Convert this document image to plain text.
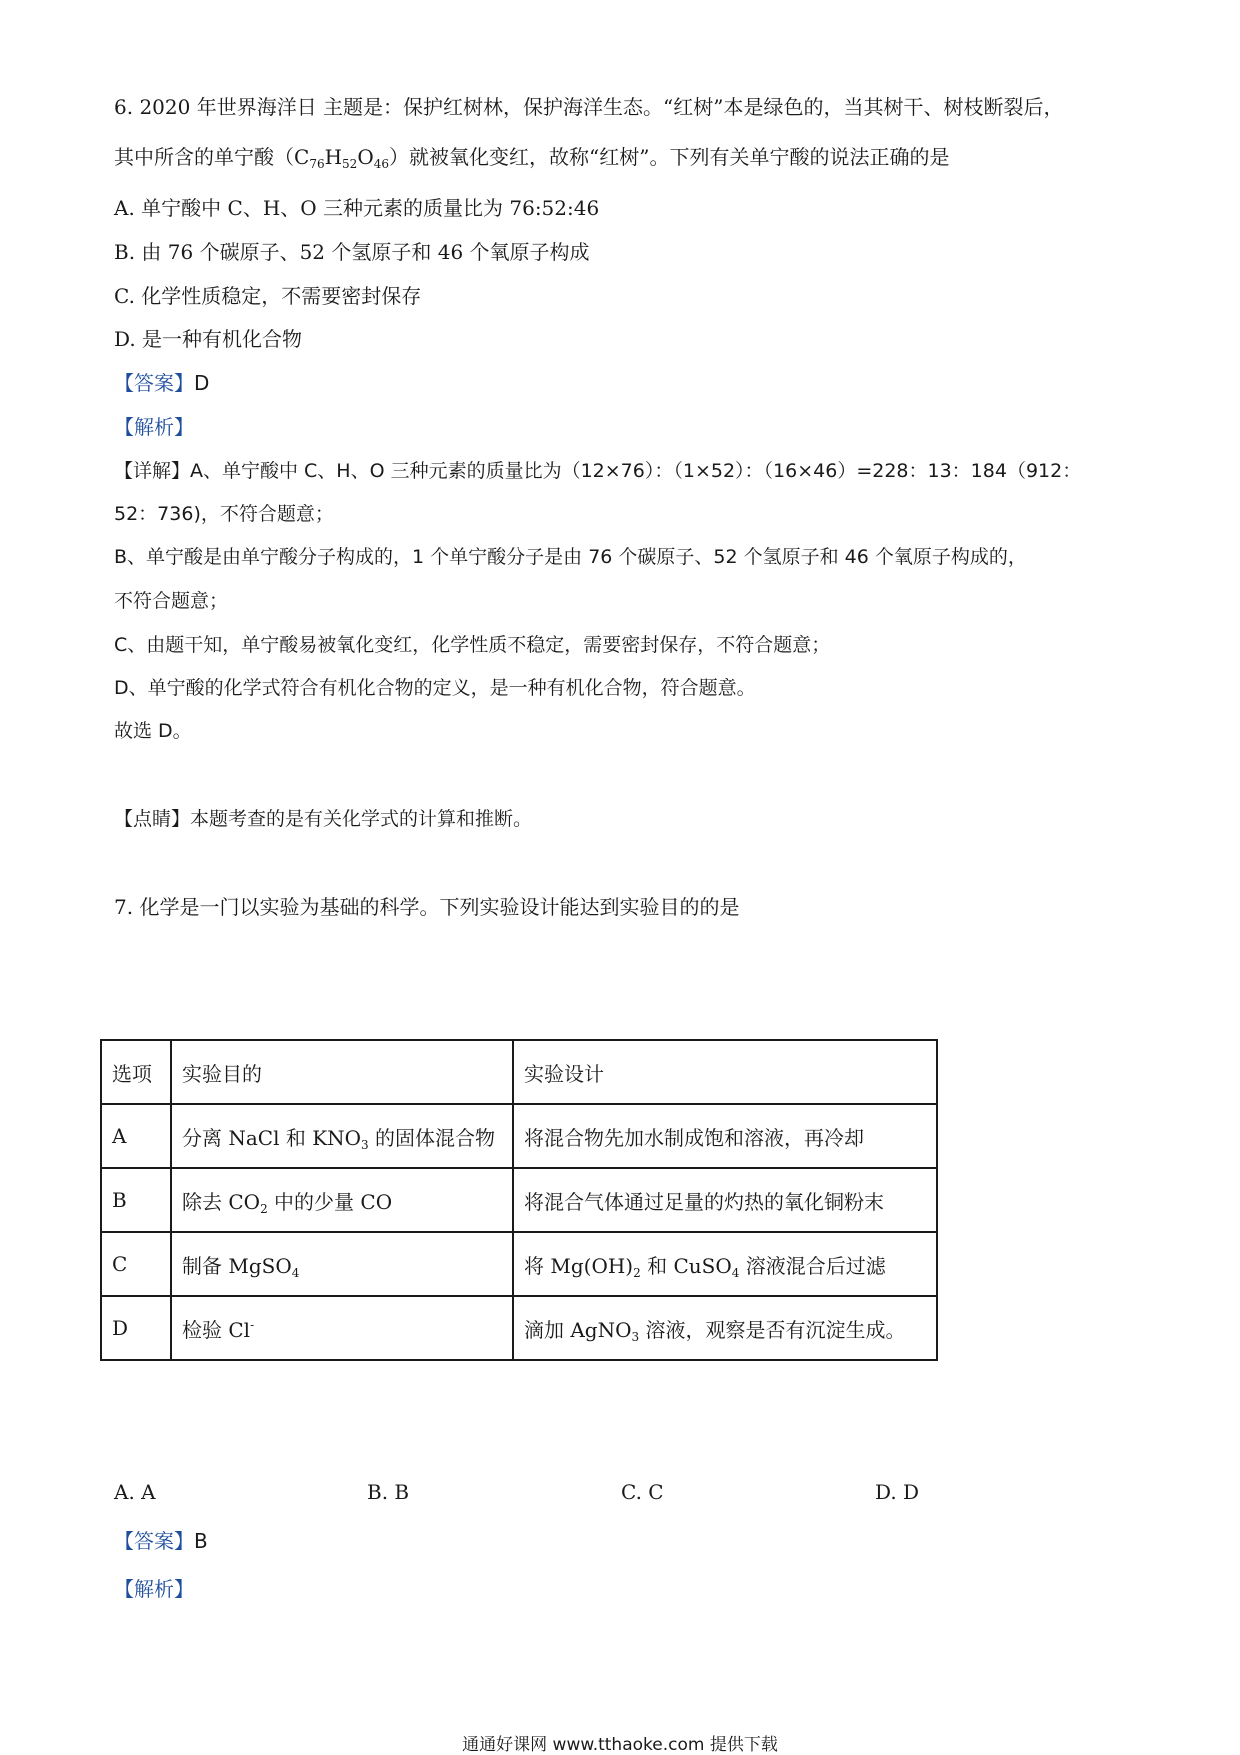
6. 2020 年世界海洋日 主题是：保护红树林，保护海洋生态。“红树”本是绿色的，当其树干、树枝断裂后，
其中所含的单宁酸$(C_{76}H_{52}O_{46})$就被氧化变红，故称“红树”。下列有关单宁酸的说法正确的是
A. 单宁酸中 C、H、O 三种元素的质量比为 76:52:46
B. 由 76 个碳原子、52 个氢原子和 46 个氧原子构成
C. 化学性质稳定，不需要密封保存
D. 是一种有机化合物
【答案】D
【解析】
【详解】A、单宁酸中 C、H、O 三种元素的质量比为（12×76）：（1×52）：（16×46）=228：13：184（912：
52：736)，不符合题意；
B、单宁酸是由单宁酸分子构成的，1 个单宁酸分子是由 76 个碳原子、52 个氢原子和 46 个氧原子构成的，
不符合题意；
C、由题干知，单宁酸易被氧化变红，化学性质不稳定，需要密封保存，不符合题意；
D、单宁酸的化学式符合有机化合物的定义，是一种有机化合物，符合题意。
故选 D。
【点睛】本题考查的是有关化学式的计算和推断。
7. 化学是一门以实验为基础的科学。下列实验设计能达到实验目的的是
选项	实验目的	实验设计
A	分离 NaCl 和 $KNO_3$ 的固体混合物	将混合物先加水制成饱和溶液，再冷却
B	除去 $CO_2$ 中的少量 CO	将混合气体通过足量的灼热的氧化铜粉末
C	制备 MgSO$_4$	将 $Mg(OH)_2$ 和 CuSO$_4$ 溶液混合后过滤
D	检验 Cl-	滴加 AgNO$_3$ 溶液，观察是否有沉淀生成。
A. A	B. B	C. C	D. D
【答案】B
【解析】
通通好课网 www.tthaoke.com 提供下载
